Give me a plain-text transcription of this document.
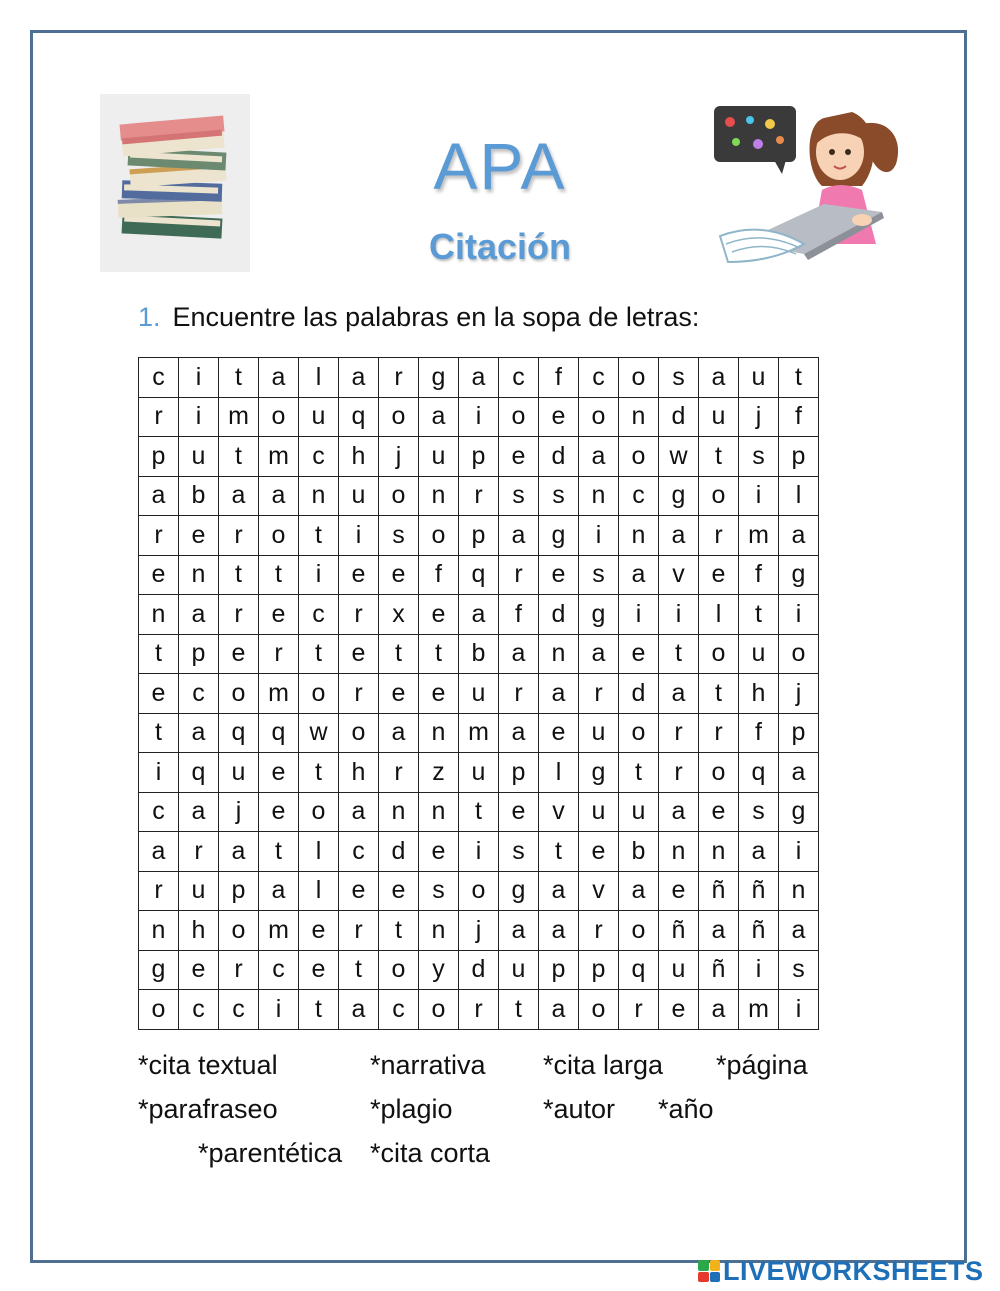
APA
Citación
1. Encuentre las palabras en la sopa de letras:
c	i	t	a	l	a	r	g	a	c	f	c	o	s	a	u	t
r	i	m	o	u	q	o	a	i	o	e	o	n	d	u	j	f
p	u	t	m	c	h	j	u	p	e	d	a	o	w	t	s	p
a	b	a	a	n	u	o	n	r	s	s	n	c	g	o	i	l
r	e	r	o	t	i	s	o	p	a	g	i	n	a	r	m	a
e	n	t	t	i	e	e	f	q	r	e	s	a	v	e	f	g
n	a	r	e	c	r	x	e	a	f	d	g	i	i	l	t	i
t	p	e	r	t	e	t	t	b	a	n	a	e	t	o	u	o
e	c	o	m	o	r	e	e	u	r	a	r	d	a	t	h	j
t	a	q	q	w	o	a	n	m	a	e	u	o	r	r	f	p
i	q	u	e	t	h	r	z	u	p	l	g	t	r	o	q	a
c	a	j	e	o	a	n	n	t	e	v	u	u	a	e	s	g
a	r	a	t	l	c	d	e	i	s	t	e	b	n	n	a	i
r	u	p	a	l	e	e	s	o	g	a	v	a	e	ñ	ñ	n
n	h	o	m	e	r	t	n	j	a	a	r	o	ñ	a	ñ	a
g	e	r	c	e	t	o	y	d	u	p	p	q	u	ñ	i	s
o	c	c	i	t	a	c	o	r	t	a	o	r	e	a	m	i
*cita textual	*narrativa *cita larga *página
*parafraseo	*plagio	*autor *año
*parentética *cita corta
LIVEWORKSHEETS
